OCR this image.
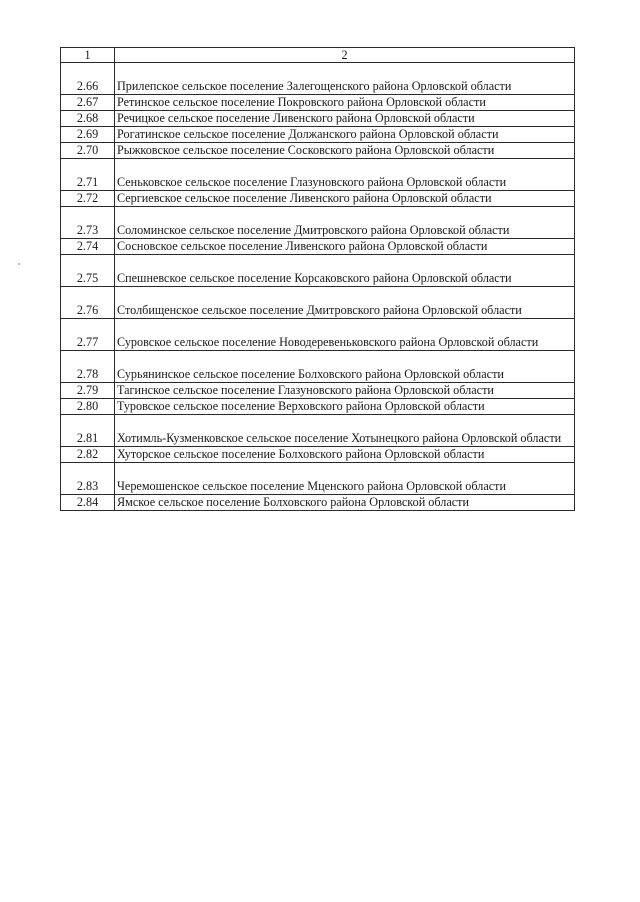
1	2
2.66	Прилепское сельское поселение Залегощенского района Орловской области
2.67	Ретинское сельское поселение Покровского района Орловской области
2.68	Речицкое сельское поселение Ливенского района Орловской области
2.69	Рогатинское сельское поселение Должанского района Орловской области
2.70	Рыжковское сельское поселение Сосковского района Орловской области
2.71	Сеньковское сельское поселение Глазуновского района Орловской области
2.72	Сергиевское сельское поселение Ливенского района Орловской области
2.73	Соломинское сельское поселение Дмитровского района Орловской области
2.74	Сосновское сельское поселение Ливенского района Орловской области
2.75	Спешневское сельское поселение Корсаковского района Орловской области
2.76	Столбищенское сельское поселение Дмитровского района Орловской области
2.77	Суровское сельское поселение Новодеревеньковского района Орловской области
2.78	Сурьянинское сельское поселение Болховского района Орловской области
2.79	Тагинское сельское поселение Глазуновского района Орловской области
2.80	Туровское сельское поселение Верховского района Орловской области
2.81	Хотимль-Кузменковское сельское поселение Хотынецкого района Орловской области
2.82	Хуторское сельское поселение Болховского района Орловской области
2.83	Черемошенское сельское поселение Мценского района Орловской области
2.84	Ямское сельское поселение Болховского района Орловской области
